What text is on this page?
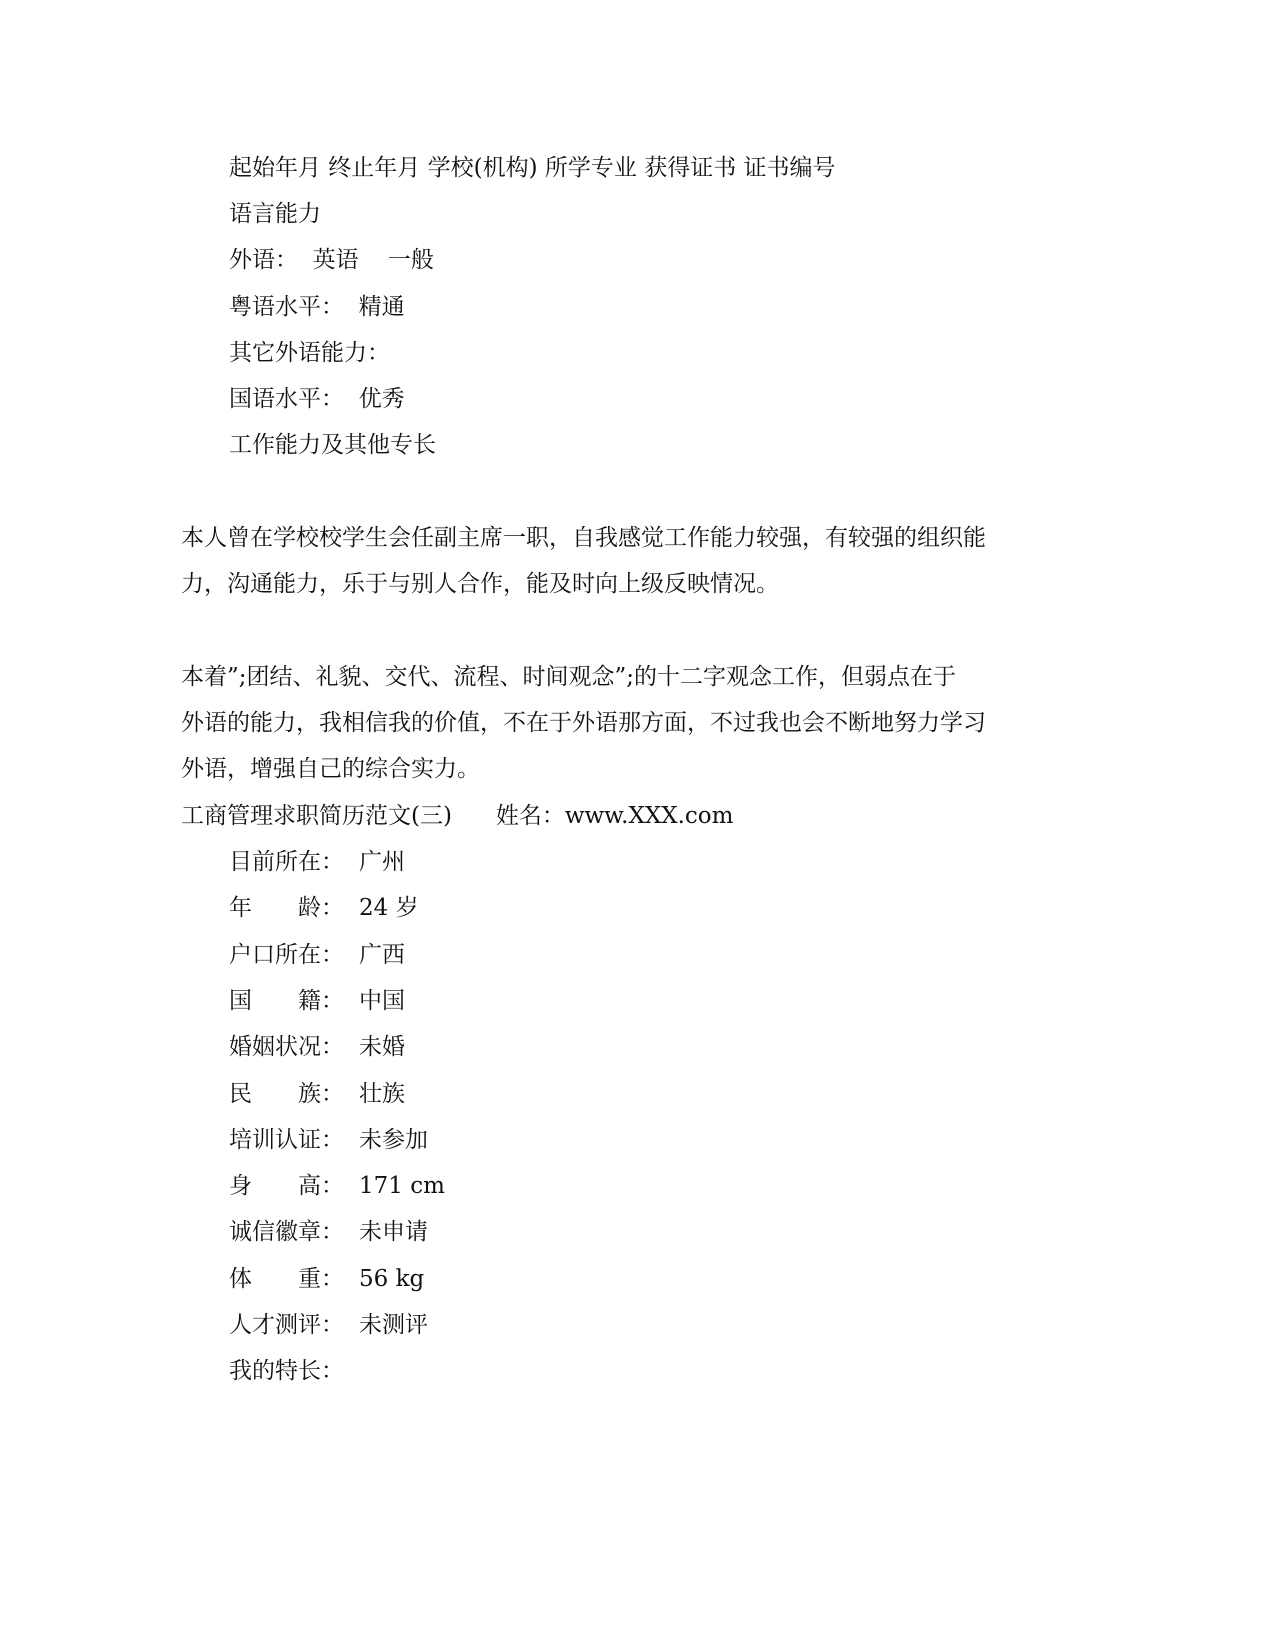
起始年月 终止年月 学校(机构) 所学专业 获得证书 证书编号
语言能力
外语：  英语    一般
粤语水平：  精通
其它外语能力：
国语水平：  优秀
工作能力及其他专长
本人曾在学校校学生会任副主席一职，自我感觉工作能力较强，有较强的组织能
力，沟通能力，乐于与别人合作，能及时向上级反映情况。
本着”;团结、礼貌、交代、流程、时间观念”;的十二字观念工作，但弱点在于
外语的能力，我相信我的价值，不在于外语那方面，不过我也会不断地努力学习
外语，增强自己的综合实力。
工商管理求职简历范文(三)      姓名：www.XXX.com
目前所在： 广州
年　　龄： 24 岁
户口所在： 广西
国　　籍： 中国
婚姻状况： 未婚
民　　族： 壮族
培训认证： 未参加
身　　高： 171 cm
诚信徽章： 未申请
体　　重： 56 kg
人才测评： 未测评
我的特长：
